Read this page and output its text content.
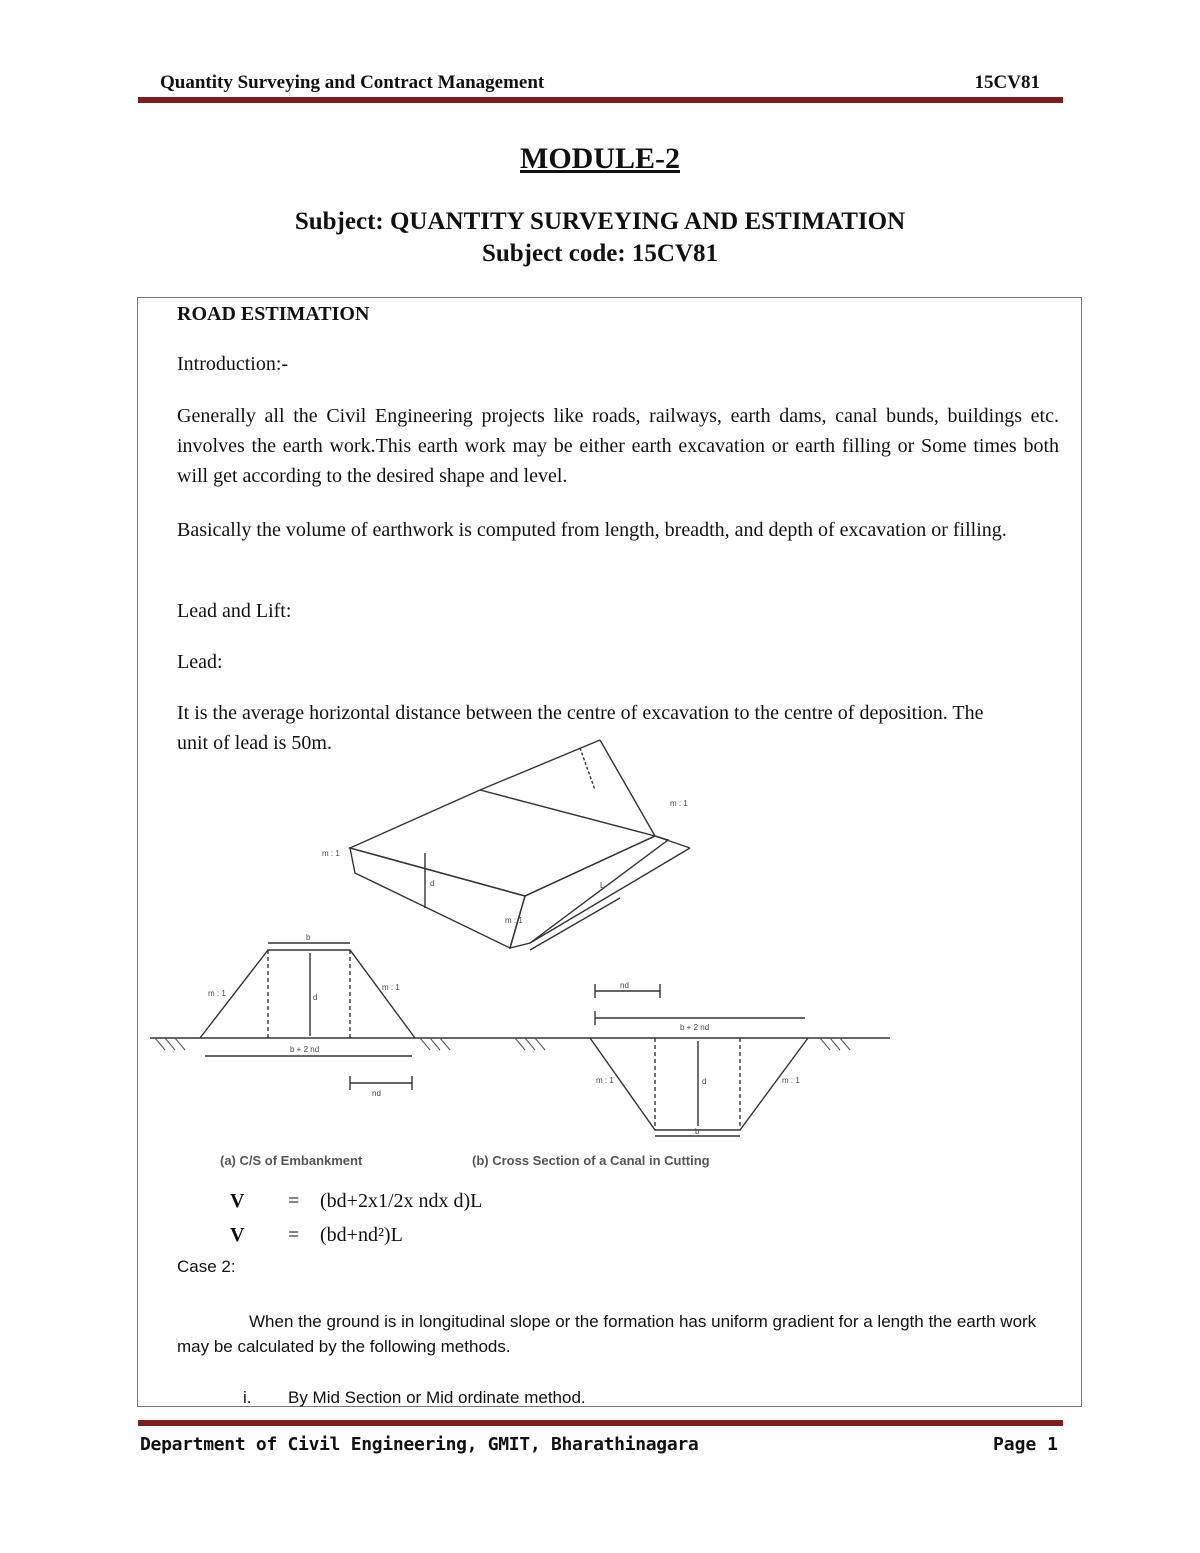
Quantity Surveying and Contract Management	15CV81
MODULE-2
Subject: QUANTITY SURVEYING AND ESTIMATION
Subject code: 15CV81
ROAD ESTIMATION
Introduction:-
Generally all the Civil Engineering projects like roads, railways, earth dams, canal bunds, buildings etc. involves the earth work.This earth work may be either earth excavation or earth filling or Some times both will get according to the desired shape and level.
Basically the volume of earthwork is computed from length, breadth, and depth of excavation or filling.
Lead and Lift:
Lead:
It is the average horizontal distance between the centre of excavation to the centre of deposition. The unit of lead is 50m.
m : 1
d	L
m : 1
m : 1
m : 1
m : 1
b
d
b + 2 nd
nd
nd
b + 2 nd
d
b
m : 1	m : 1
(a) C/S of Embankment	(b) Cross Section of a Canal in Cutting
V = (bd+2x1/2x ndx d)L
V = (bd+nd²)L
Case 2:
When the ground is in longitudinal slope or the formation has uniform gradient for a length the earth work may be calculated by the following methods.
i.	By Mid Section or Mid ordinate method.
Department of Civil Engineering, GMIT, Bharathinagara	Page 1
